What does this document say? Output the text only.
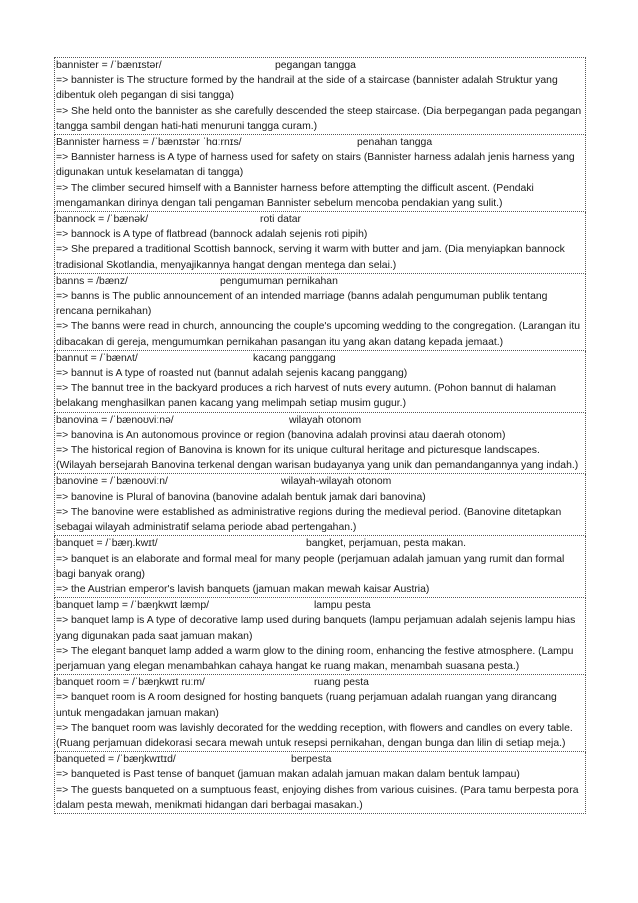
bannister = /ˈbænɪstər/	pegangan tangga
=> bannister is The structure formed by the handrail at the side of a staircase (bannister adalah Struktur yang dibentuk oleh pegangan di sisi tangga)
=> She held onto the bannister as she carefully descended the steep staircase. (Dia berpegangan pada pegangan tangga sambil dengan hati-hati menuruni tangga curam.)
Bannister harness = /ˈbænɪstər ˈhɑːrnɪs/	penahan tangga
=> Bannister harness is A type of harness used for safety on stairs (Bannister harness adalah jenis harness yang digunakan untuk keselamatan di tangga)
=> The climber secured himself with a Bannister harness before attempting the difficult ascent. (Pendaki mengamankan dirinya dengan tali pengaman Bannister sebelum mencoba pendakian yang sulit.)
bannock = /ˈbænək/	roti datar
=> bannock is A type of flatbread (bannock adalah sejenis roti pipih)
=> She prepared a traditional Scottish bannock, serving it warm with butter and jam. (Dia menyiapkan bannock tradisional Skotlandia, menyajikannya hangat dengan mentega dan selai.)
banns = /bænz/	pengumuman pernikahan
=> banns is The public announcement of an intended marriage (banns adalah pengumuman publik tentang rencana pernikahan)
=> The banns were read in church, announcing the couple's upcoming wedding to the congregation. (Larangan itu dibacakan di gereja, mengumumkan pernikahan pasangan itu yang akan datang kepada jemaat.)
bannut = /ˈbænʌt/	kacang panggang
=> bannut is A type of roasted nut (bannut adalah sejenis kacang panggang)
=> The bannut tree in the backyard produces a rich harvest of nuts every autumn. (Pohon bannut di halaman belakang menghasilkan panen kacang yang melimpah setiap musim gugur.)
banovina = /ˈbænoʊviːnə/	wilayah otonom
=> banovina is An autonomous province or region (banovina adalah provinsi atau daerah otonom)
=> The historical region of Banovina is known for its unique cultural heritage and picturesque landscapes. (Wilayah bersejarah Banovina terkenal dengan warisan budayanya yang unik dan pemandangannya yang indah.)
banovine = /ˈbænoʊviːn/	wilayah-wilayah otonom
=> banovine is Plural of banovina (banovine adalah bentuk jamak dari banovina)
=> The banovine were established as administrative regions during the medieval period. (Banovine ditetapkan sebagai wilayah administratif selama periode abad pertengahan.)
banquet = /ˈbæŋ.kwɪt/	bangket, perjamuan, pesta makan.
=> banquet is an elaborate and formal meal for many people (perjamuan adalah jamuan yang rumit dan formal bagi banyak orang)
=> the Austrian emperor's lavish banquets (jamuan makan mewah kaisar Austria)
banquet lamp = /ˈbæŋkwɪt læmp/	lampu pesta
=> banquet lamp is A type of decorative lamp used during banquets (lampu perjamuan adalah sejenis lampu hias yang digunakan pada saat jamuan makan)
=> The elegant banquet lamp added a warm glow to the dining room, enhancing the festive atmosphere. (Lampu perjamuan yang elegan menambahkan cahaya hangat ke ruang makan, menambah suasana pesta.)
banquet room = /ˈbæŋkwɪt ruːm/	ruang pesta
=> banquet room is A room designed for hosting banquets (ruang perjamuan adalah ruangan yang dirancang untuk mengadakan jamuan makan)
=> The banquet room was lavishly decorated for the wedding reception, with flowers and candles on every table. (Ruang perjamuan didekorasi secara mewah untuk resepsi pernikahan, dengan bunga dan lilin di setiap meja.)
banqueted = /ˈbæŋkwɪtɪd/	berpesta
=> banqueted is Past tense of banquet (jamuan makan adalah jamuan makan dalam bentuk lampau)
=> The guests banqueted on a sumptuous feast, enjoying dishes from various cuisines. (Para tamu berpesta pora dalam pesta mewah, menikmati hidangan dari berbagai masakan.)
